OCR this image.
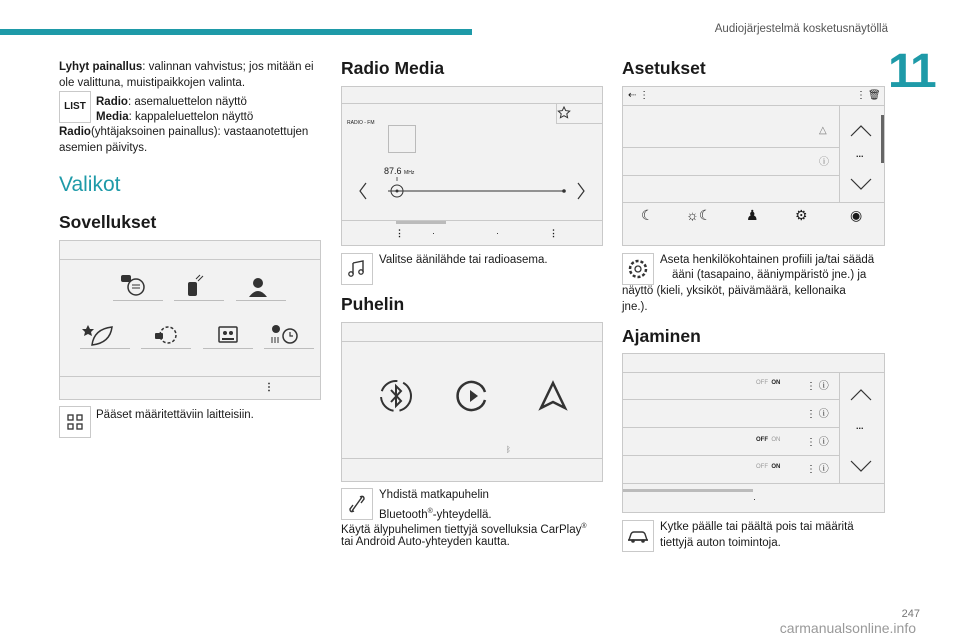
Audiojärjestelmä kosketusnäytöllä
11

Lyhyt painallus: valinnan vahvistus; jos mitään ei ole valittuna, muistipaikkojen valinta.

LIST Radio: asemaluettelon näyttö

Media: kappaleluettelon näyttö

Radio(yhtäjaksoinen painallus): vastaanotettujen asemien päivitys.

Valikot
Sovellukset
⋮

Pääset määritettäviin laitteisiin.

Radio Media
RADIO - FM
87.6 MHz
⋮	·	·	⋮

Valitse äänilähde tai radioasema.

Puhelin
ᛒ

Yhdistä matkapuhelin

Bluetooth®-yhteydellä.

Käytä älypuhelimen tiettyjä sovelluksia CarPlay®

tai Android Auto-yhteyden kautta.

Asetukset
⇠ ⋮	⋮ 🗑
△
ⓘ
...
☾ ☼☾ ♟	⚙	◉

Aseta henkilökohtainen profiili ja/tai säädä

ääni (tasapaino, ääniympäristö jne.) ja

näyttö (kieli, yksiköt, päivämäärä, kellonaika

jne.).

Ajaminen
OFF ON	⋮ ⓘ
⋮ ⓘ
OFF ON	⋮ ⓘ
OFF ON	⋮ ⓘ
...
·

Kytke päälle tai päältä pois tai määritä

tiettyjä auton toimintoja.

247
carmanualsonline.info
